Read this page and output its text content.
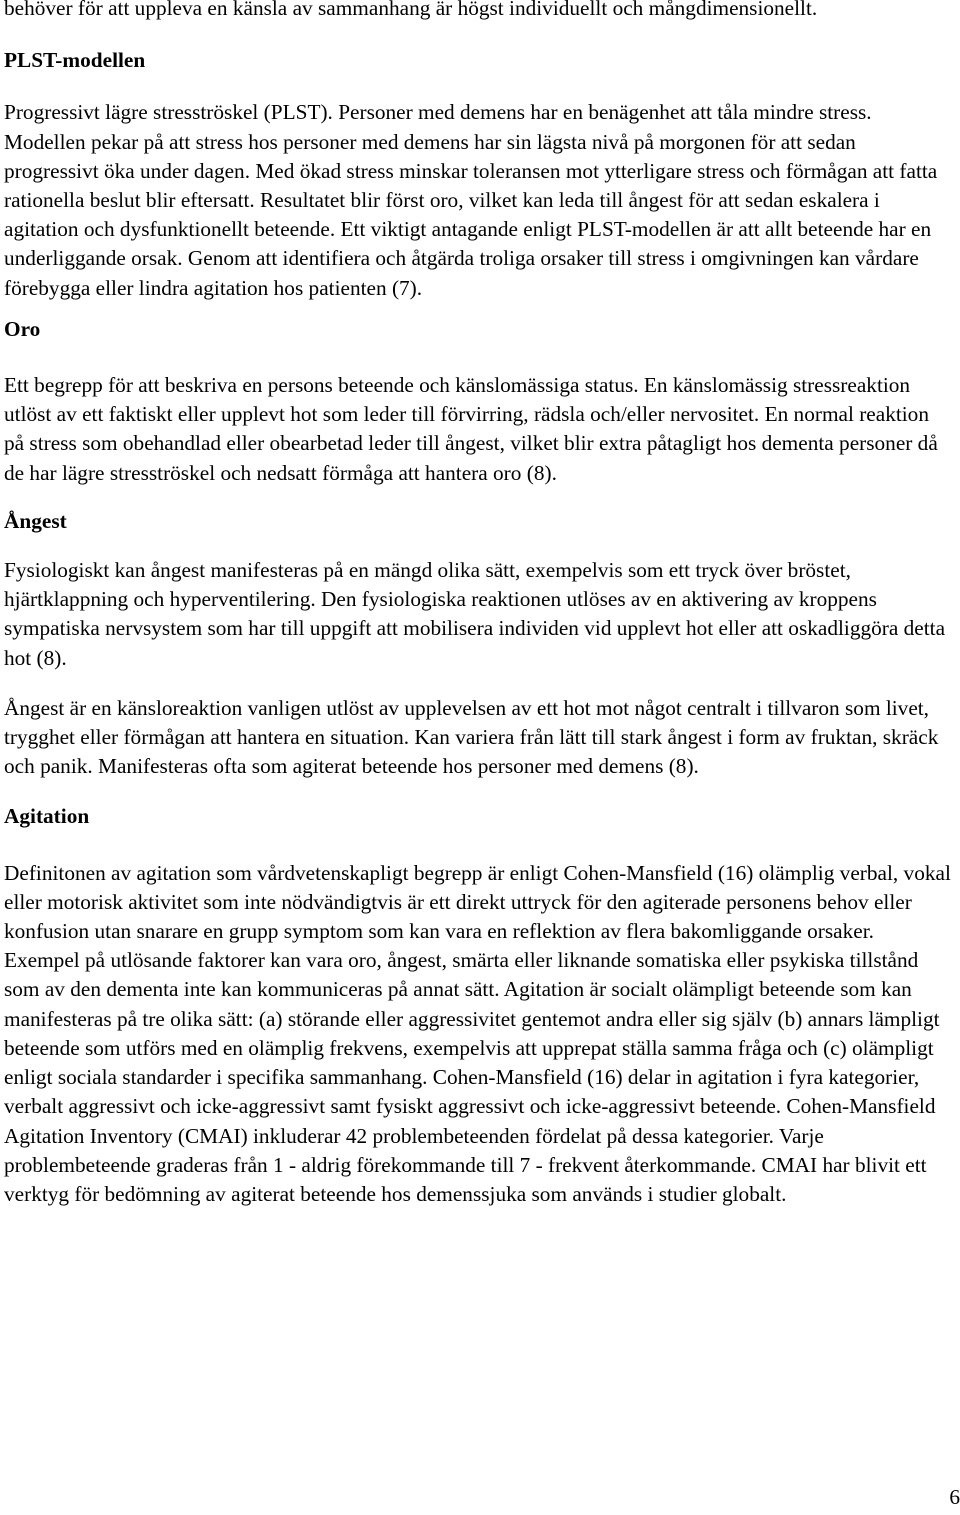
behöver för att uppleva en känsla av sammanhang är högst individuellt och mångdimensionellt.

PLST-modellen

Progressivt lägre stresströskel (PLST). Personer med demens har en benägenhet att tåla mindre stress. Modellen pekar på att stress hos personer med demens har sin lägsta nivå på morgonen för att sedan progressivt öka under dagen. Med ökad stress minskar toleransen mot ytterligare stress och förmågan att fatta rationella beslut blir eftersatt. Resultatet blir först oro, vilket kan leda till ångest för att sedan eskalera i agitation och dysfunktionellt beteende. Ett viktigt antagande enligt PLST-modellen är att allt beteende har en underliggande orsak. Genom att identifiera och åtgärda troliga orsaker till stress i omgivningen kan vårdare förebygga eller lindra agitation hos patienten (7).

Oro

Ett begrepp för att beskriva en persons beteende och känslomässiga status. En känslomässig stressreaktion utlöst av ett faktiskt eller upplevt hot som leder till förvirring, rädsla och/eller nervositet. En normal reaktion på stress som obehandlad eller obearbetad leder till ångest, vilket blir extra påtagligt hos dementa personer då de har lägre stresströskel och nedsatt förmåga att hantera oro (8).

Ångest

Fysiologiskt kan ångest manifesteras på en mängd olika sätt, exempelvis som ett tryck över bröstet, hjärtklappning och hyperventilering. Den fysiologiska reaktionen utlöses av en aktivering av kroppens sympatiska nervsystem som har till uppgift att mobilisera individen vid upplevt hot eller att oskadliggöra detta hot (8).

Ångest är en känsloreaktion vanligen utlöst av upplevelsen av ett hot mot något centralt i tillvaron som livet, trygghet eller förmågan att hantera en situation. Kan variera från lätt till stark ångest i form av fruktan, skräck och panik. Manifesteras ofta som agiterat beteende hos personer med demens (8).

Agitation

Definitonen av agitation som vårdvetenskapligt begrepp är enligt Cohen-Mansfield (16) olämplig verbal, vokal eller motorisk aktivitet som inte nödvändigtvis är ett direkt uttryck för den agiterade personens behov eller konfusion utan snarare en grupp symptom som kan vara en reflektion av flera bakomliggande orsaker. Exempel på utlösande faktorer kan vara oro, ångest, smärta eller liknande somatiska eller psykiska tillstånd som av den dementa inte kan kommuniceras på annat sätt. Agitation är socialt olämpligt beteende som kan manifesteras på tre olika sätt: (a) störande eller aggressivitet gentemot andra eller sig själv (b) annars lämpligt beteende som utförs med en olämplig frekvens, exempelvis att upprepat ställa samma fråga och (c) olämpligt enligt sociala standarder i specifika sammanhang. Cohen-Mansfield (16) delar in agitation i fyra kategorier, verbalt aggressivt och icke-aggressivt samt fysiskt aggressivt och icke-aggressivt beteende. Cohen-Mansfield Agitation Inventory (CMAI) inkluderar 42 problembeteenden fördelat på dessa kategorier. Varje problembeteende graderas från 1 - aldrig förekommande till 7 - frekvent återkommande. CMAI har blivit ett verktyg för bedömning av agiterat beteende hos demenssjuka som används i studier globalt.

6
